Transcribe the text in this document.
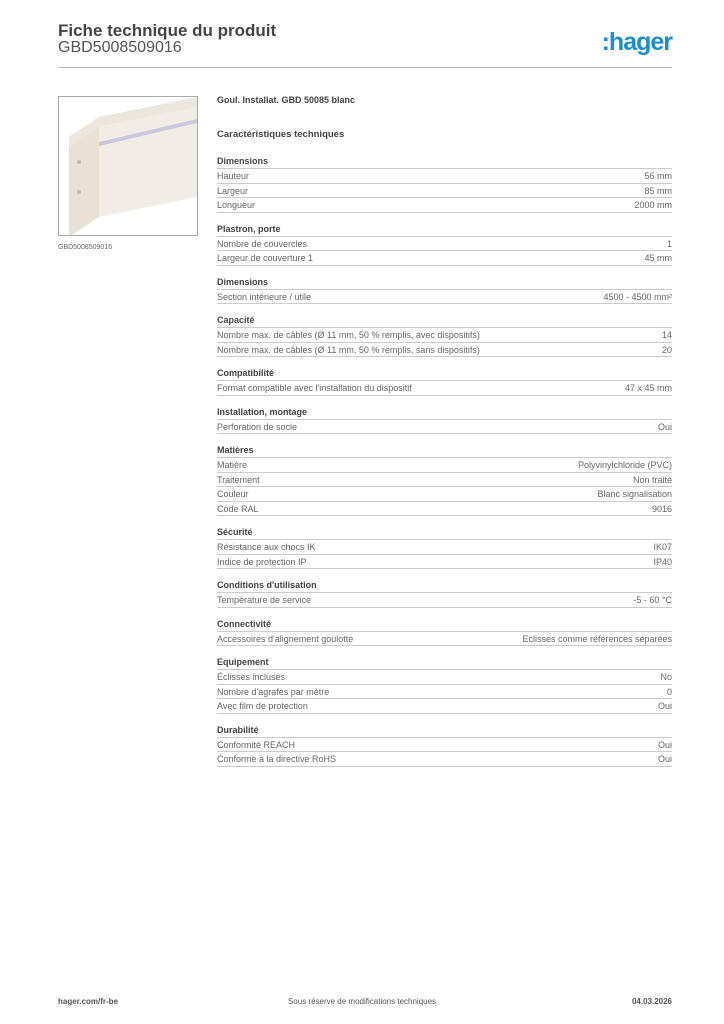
Fiche technique du produit
GBD5008509016	:hager
GBD5008509016
Goul. Installat. GBD 50085 blanc
Caractéristiques techniques
Dimensions
Hauteur	56 mm
Largeur	85 mm
Longueur	2000 mm
Plastron, porte
Nombre de couvercles	1
Largeur de couverture 1	45 mm
Dimensions
Section intérieure / utile	4500 - 4500 mm²
Capacité
Nombre max. de câbles (Ø 11 mm, 50 % remplis, avec dispositifs)	14
Nombre max. de câbles (Ø 11 mm, 50 % remplis, sans dispositifs)	20
Compatibilité
Format compatible avec l'installation du dispositif	47 x 45 mm
Installation, montage
Perforation de socle	Oui
Matières
Matière	Polyvinylchloride (PVC)
Traitement	Non traité
Couleur	Blanc signalisation
Code RAL	9016
Sécurité
Résistance aux chocs IK	IK07
Indice de protection IP	IP40
Conditions d'utilisation
Température de service	-5 - 60 °C
Connectivité
Accessoires d'alignement goulotte	Eclisses comme références séparées
Equipement
Éclisses incluses	No
Nombre d'agrafes par mètre	0
Avec film de protection	Oui
Durabilité
Conformité REACH	Oui
Conforme à la directive RoHS	Oui
hager.com/fr-be	Sous réserve de modifications techniques	04.03.2026
